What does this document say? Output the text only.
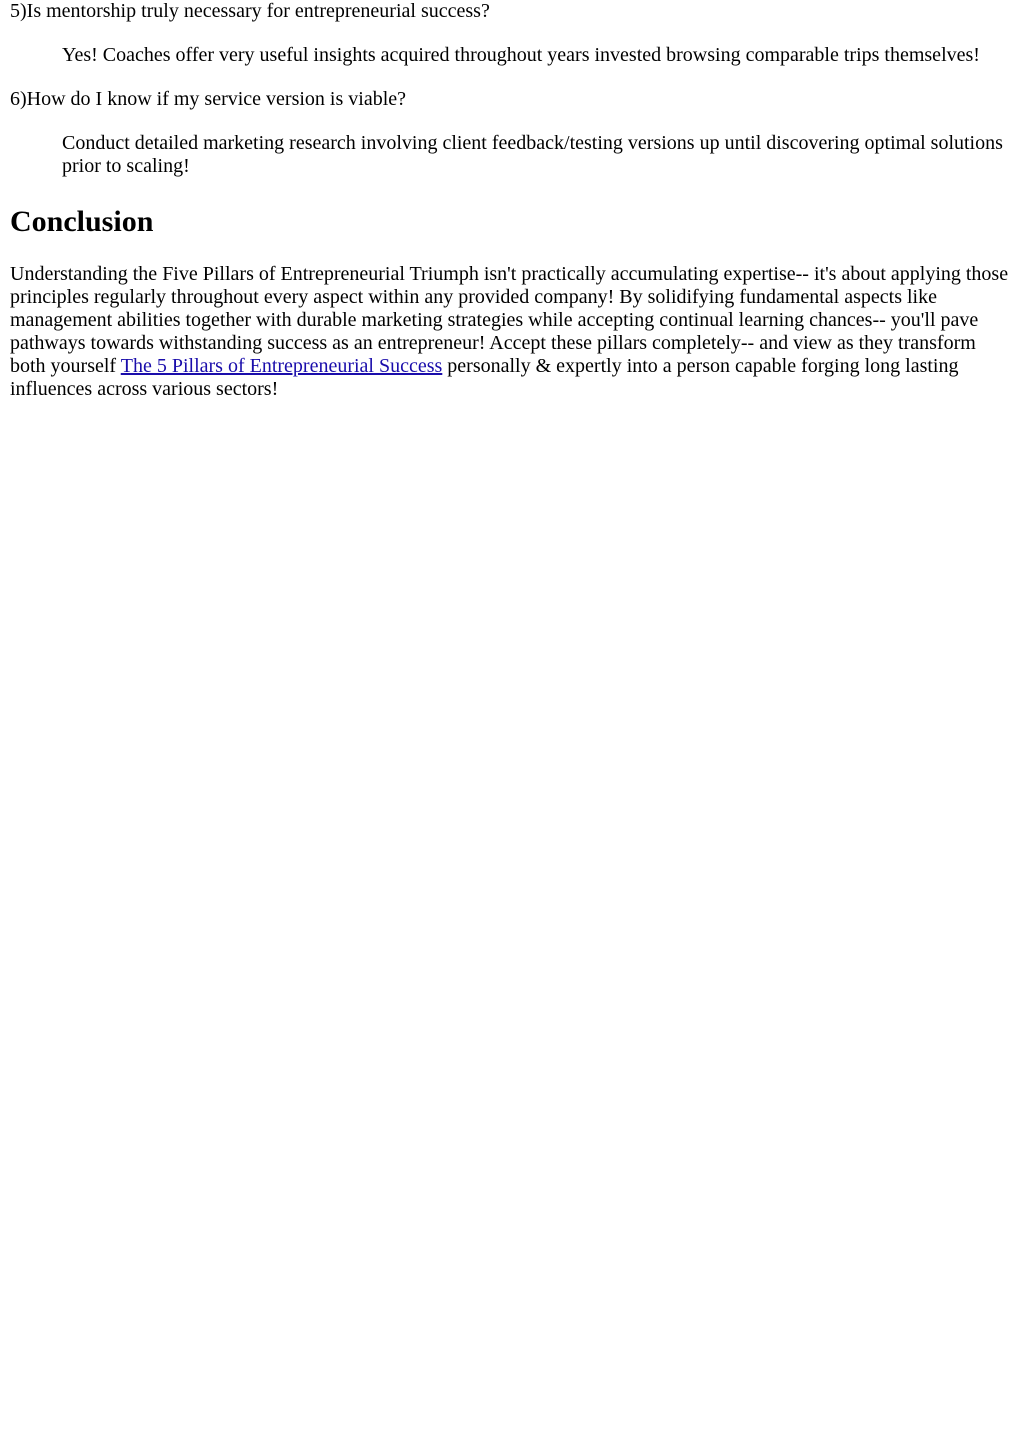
5)Is mentorship truly necessary for entrepreneurial success?

Yes! Coaches offer very useful insights acquired throughout years invested browsing comparable trips themselves!

6)How do I know if my service version is viable?

Conduct detailed marketing research involving client feedback/testing versions up until discovering optimal solutions prior to scaling!

Conclusion

Understanding the Five Pillars of Entrepreneurial Triumph isn't practically accumulating expertise-- it's about applying those principles regularly throughout every aspect within any provided company! By solidifying fundamental aspects like management abilities together with durable marketing strategies while accepting continual learning chances-- you'll pave pathways towards withstanding success as an entrepreneur! Accept these pillars completely-- and view as they transform both yourself The 5 Pillars of Entrepreneurial Success personally & expertly into a person capable forging long lasting influences across various sectors!
